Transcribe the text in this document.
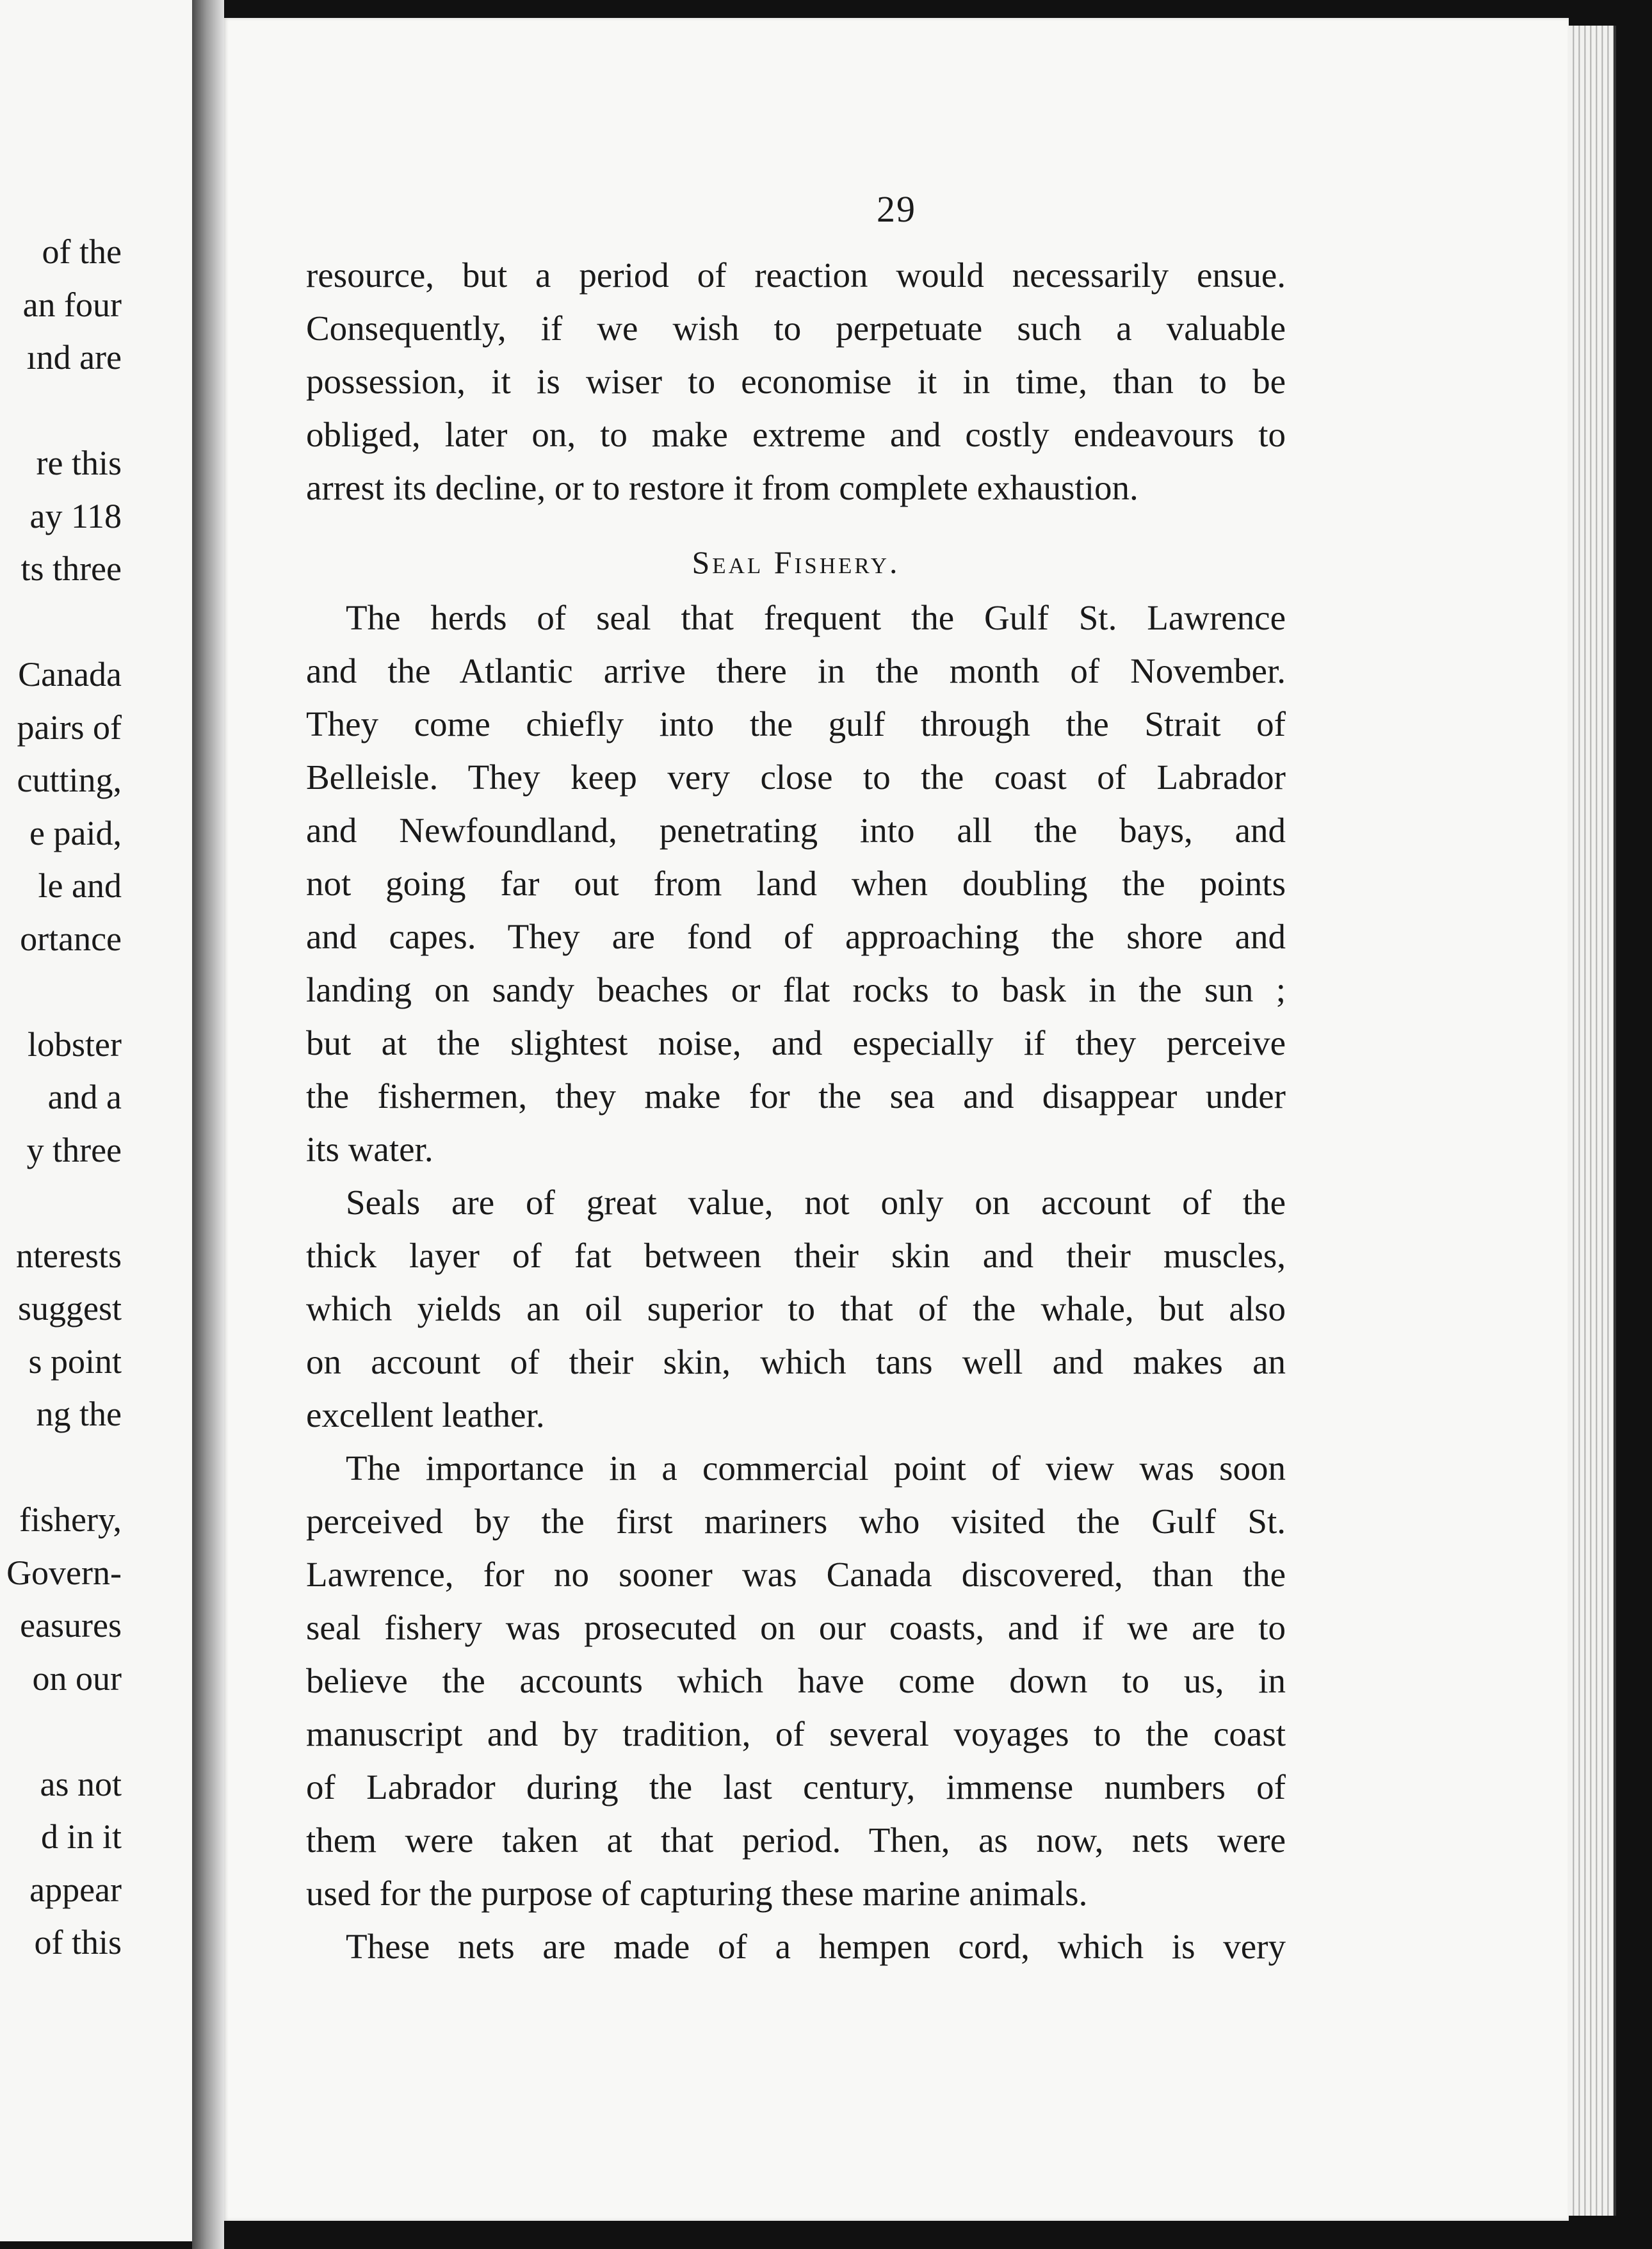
of the
an four
ınd are
re this
ay 118
ts three
Canada
pairs of
cutting,
e paid,
le and
ortance
lobster
and a
y three
nterests
suggest
s point
ng the
fishery,
Govern-
easures
on our
as not
d in it
appear
of this
29
resource, but a period of reaction would necessarily ensue.
Consequently, if we wish to perpetuate such a valuable
possession, it is wiser to economise it in time, than to be
obliged, later on, to make extreme and costly endeavours to
arrest its decline, or to restore it from complete exhaustion.
Seal Fishery.
The herds of seal that frequent the Gulf St. Lawrence
and the Atlantic arrive there in the month of November.
They come chiefly into the gulf through the Strait of
Belleisle. They keep very close to the coast of Labrador
and Newfoundland, penetrating into all the bays, and
not going far out from land when doubling the points
and capes. They are fond of approaching the shore and
landing on sandy beaches or flat rocks to bask in the sun ;
but at the slightest noise, and especially if they perceive
the fishermen, they make for the sea and disappear under
its water.
Seals are of great value, not only on account of the
thick layer of fat between their skin and their muscles,
which yields an oil superior to that of the whale, but also
on account of their skin, which tans well and makes an
excellent leather.
The importance in a commercial point of view was soon
perceived by the first mariners who visited the Gulf St.
Lawrence, for no sooner was Canada discovered, than the
seal fishery was prosecuted on our coasts, and if we are to
believe the accounts which have come down to us, in
manuscript and by tradition, of several voyages to the coast
of Labrador during the last century, immense numbers of
them were taken at that period. Then, as now, nets were
used for the purpose of capturing these marine animals.
These nets are made of a hempen cord, which is very
